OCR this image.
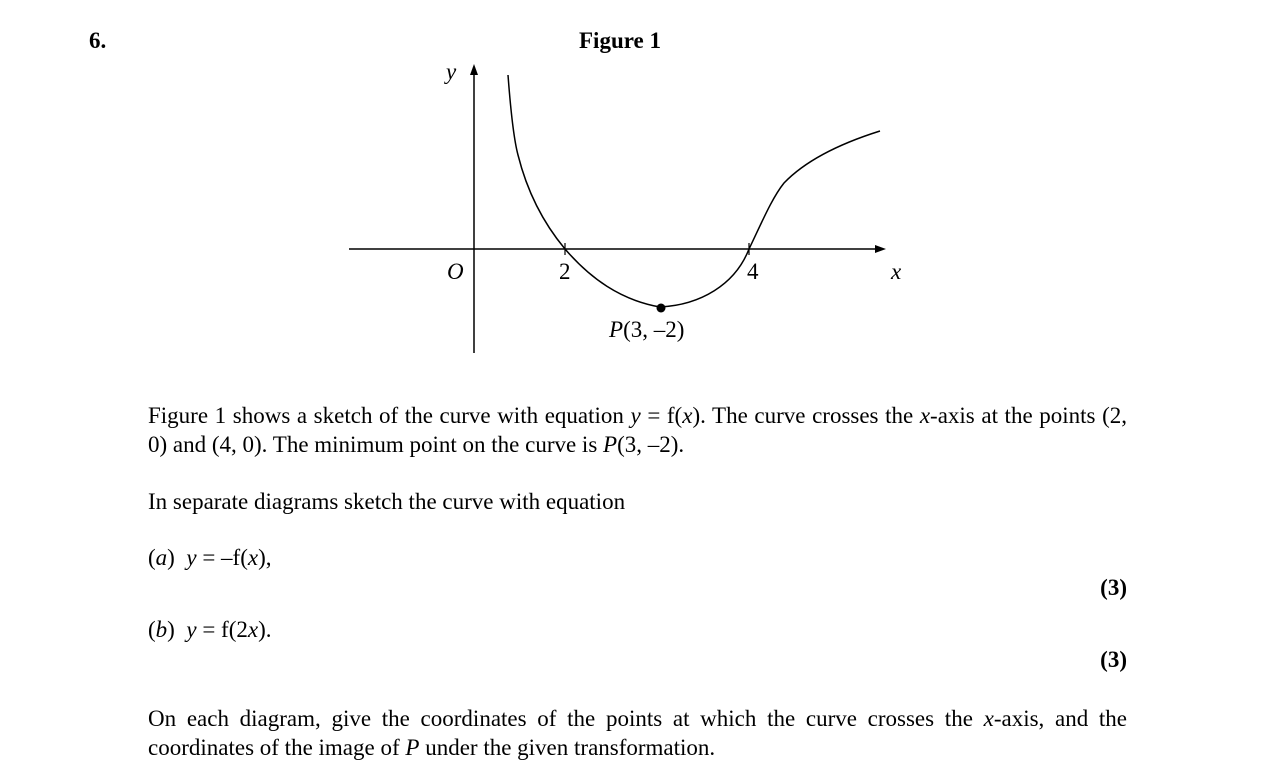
6.	Figure 1
y
x
O	2	4
P(3, –2)
Figure 1 shows a sketch of the curve with equation y = f(x). The curve crosses the x-axis at the points (2, 0) and (4, 0). The minimum point on the curve is P(3, –2).
In separate diagrams sketch the curve with equation
(a) y = –f(x),
(3)
(b) y = f(2x).
(3)
On each diagram, give the coordinates of the points at which the curve crosses the x-axis, and the coordinates of the image of P under the given transformation.
